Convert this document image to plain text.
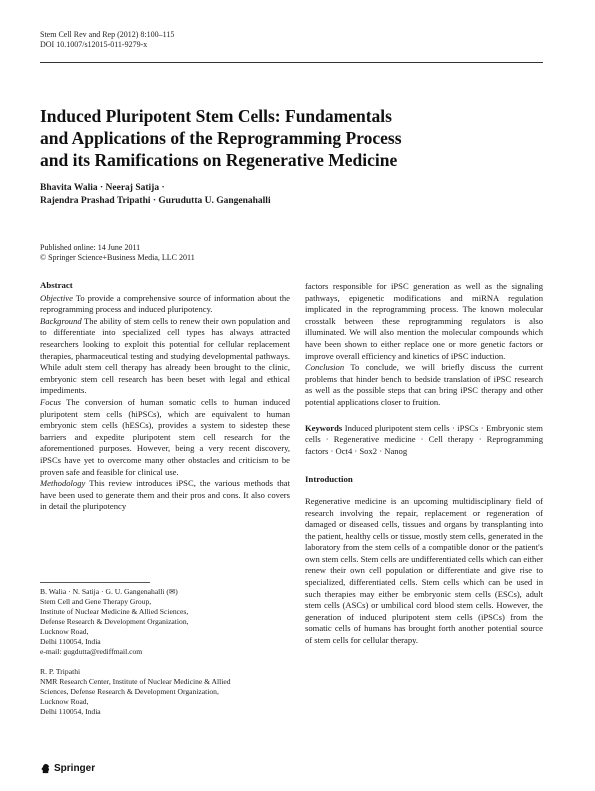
Stem Cell Rev and Rep (2012) 8:100–115
DOI 10.1007/s12015-011-9279-x
Induced Pluripotent Stem Cells: Fundamentals
and Applications of the Reprogramming Process
and its Ramifications on Regenerative Medicine
Bhavita Walia · Neeraj Satija ·
Rajendra Prashad Tripathi · Gurudutta U. Gangenahalli
Published online: 14 June 2011
© Springer Science+Business Media, LLC 2011
Abstract

Objective To provide a comprehensive source of information about the reprogramming process and induced pluripotency.

Background The ability of stem cells to renew their own population and to differentiate into specialized cell types has always attracted researchers looking to exploit this potential for cellular replacement therapies, pharmaceutical testing and studying developmental pathways. While adult stem cell therapy has already been brought to the clinic, embryonic stem cell research has been beset with legal and ethical impediments.

Focus The conversion of human somatic cells to human induced pluripotent stem cells (hiPSCs), which are equivalent to human embryonic stem cells (hESCs), provides a system to sidestep these barriers and expedite pluripotent stem cell research for the aforementioned purposes. However, being a very recent discovery, iPSCs have yet to overcome many other obstacles and criticism to be proven safe and feasible for clinical use.

Methodology This review introduces iPSC, the various methods that have been used to generate them and their pros and cons. It also covers in detail the pluripotency

B. Walia · N. Satija · G. U. Gangenahalli (✉)
Stem Cell and Gene Therapy Group,
Institute of Nuclear Medicine & Allied Sciences,
Defense Research & Development Organization,
Lucknow Road,
Delhi 110054, India
e-mail: gugdutta@rediffmail.com
R. P. Tripathi
NMR Research Center, Institute of Nuclear Medicine & Allied
Sciences, Defense Research & Development Organization,
Lucknow Road,
Delhi 110054, India

factors responsible for iPSC generation as well as the signaling pathways, epigenetic modifications and miRNA regulation implicated in the reprogramming process. The known molecular crosstalk between these reprogramming regulators is also illuminated. We will also mention the molecular compounds which have been shown to either replace one or more genetic factors or improve overall efficiency and kinetics of iPSC induction.

Conclusion To conclude, we will briefly discuss the current problems that hinder bench to bedside translation of iPSC research as well as the possible steps that can bring iPSC therapy and other potential applications closer to fruition.

Keywords Induced pluripotent stem cells · iPSCs · Embryonic stem cells · Regenerative medicine · Cell therapy · Reprogramming factors · Oct4 · Sox2 · Nanog

Introduction

Regenerative medicine is an upcoming multidisciplinary field of research involving the repair, replacement or regeneration of damaged or diseased cells, tissues and organs by transplanting into the patient, healthy cells or tissue, mostly stem cells, generated in the laboratory from the stem cells of a compatible donor or the patient's own stem cells. Stem cells are undifferentiated cells which can either renew their own cell population or differentiate and give rise to specialized, differentiated cells. Stem cells which can be used in such therapies may either be embryonic stem cells (ESCs), adult stem cells (ASCs) or umbilical cord blood stem cells. However, the generation of induced pluripotent stem cells (iPSCs) from the somatic cells of humans has brought forth another potential source of stem cells for cellular therapy.

Springer
